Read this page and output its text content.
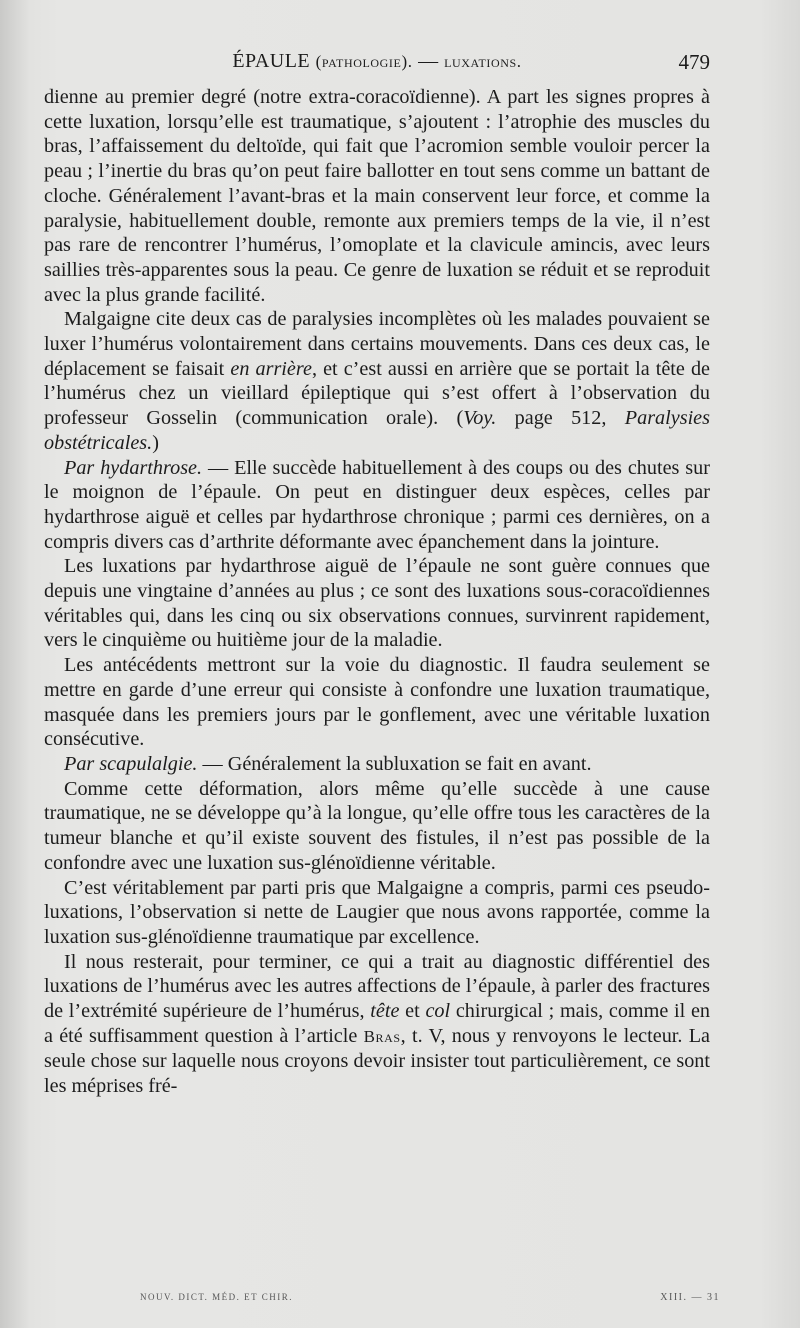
ÉPAULE (pathologie). — luxations.	479

dienne au premier degré (notre extra-coracoïdienne). A part les signes propres à cette luxation, lorsqu’elle est traumatique, s’ajoutent : l’atrophie des muscles du bras, l’affaissement du deltoïde, qui fait que l’acromion semble vouloir percer la peau ; l’inertie du bras qu’on peut faire ballotter en tout sens comme un battant de cloche. Généralement l’avant-bras et la main conservent leur force, et comme la paralysie, habituellement double, remonte aux premiers temps de la vie, il n’est pas rare de rencontrer l’humérus, l’omoplate et la clavicule amincis, avec leurs saillies très-apparentes sous la peau. Ce genre de luxation se réduit et se reproduit avec la plus grande facilité.

Malgaigne cite deux cas de paralysies incomplètes où les malades pouvaient se luxer l’humérus volontairement dans certains mouvements. Dans ces deux cas, le déplacement se faisait en arrière, et c’est aussi en arrière que se portait la tête de l’humérus chez un vieillard épileptique qui s’est offert à l’observation du professeur Gosselin (communication orale). (Voy. page 512, Paralysies obstétricales.)

Par hydarthrose. — Elle succède habituellement à des coups ou des chutes sur le moignon de l’épaule. On peut en distinguer deux espèces, celles par hydarthrose aiguë et celles par hydarthrose chronique ; parmi ces dernières, on a compris divers cas d’arthrite déformante avec épanchement dans la jointure.

Les luxations par hydarthrose aiguë de l’épaule ne sont guère connues que depuis une vingtaine d’années au plus ; ce sont des luxations sous-coracoïdiennes véritables qui, dans les cinq ou six observations connues, survinrent rapidement, vers le cinquième ou huitième jour de la maladie.

Les antécédents mettront sur la voie du diagnostic. Il faudra seulement se mettre en garde d’une erreur qui consiste à confondre une luxation traumatique, masquée dans les premiers jours par le gonflement, avec une véritable luxation consécutive.

Par scapulalgie. — Généralement la subluxation se fait en avant.

Comme cette déformation, alors même qu’elle succède à une cause traumatique, ne se développe qu’à la longue, qu’elle offre tous les caractères de la tumeur blanche et qu’il existe souvent des fistules, il n’est pas possible de la confondre avec une luxation sus-glénoïdienne véritable.

C’est véritablement par parti pris que Malgaigne a compris, parmi ces pseudo-luxations, l’observation si nette de Laugier que nous avons rapportée, comme la luxation sus-glénoïdienne traumatique par excellence.

Il nous resterait, pour terminer, ce qui a trait au diagnostic différentiel des luxations de l’humérus avec les autres affections de l’épaule, à parler des fractures de l’extrémité supérieure de l’humérus, tête et col chirurgical ; mais, comme il en a été suffisamment question à l’article Bras, t. V, nous y renvoyons le lecteur. La seule chose sur laquelle nous croyons devoir insister tout particulièrement, ce sont les méprises fré-

NOUV. DICT. MÉD. ET CHIR.	XIII. — 31
